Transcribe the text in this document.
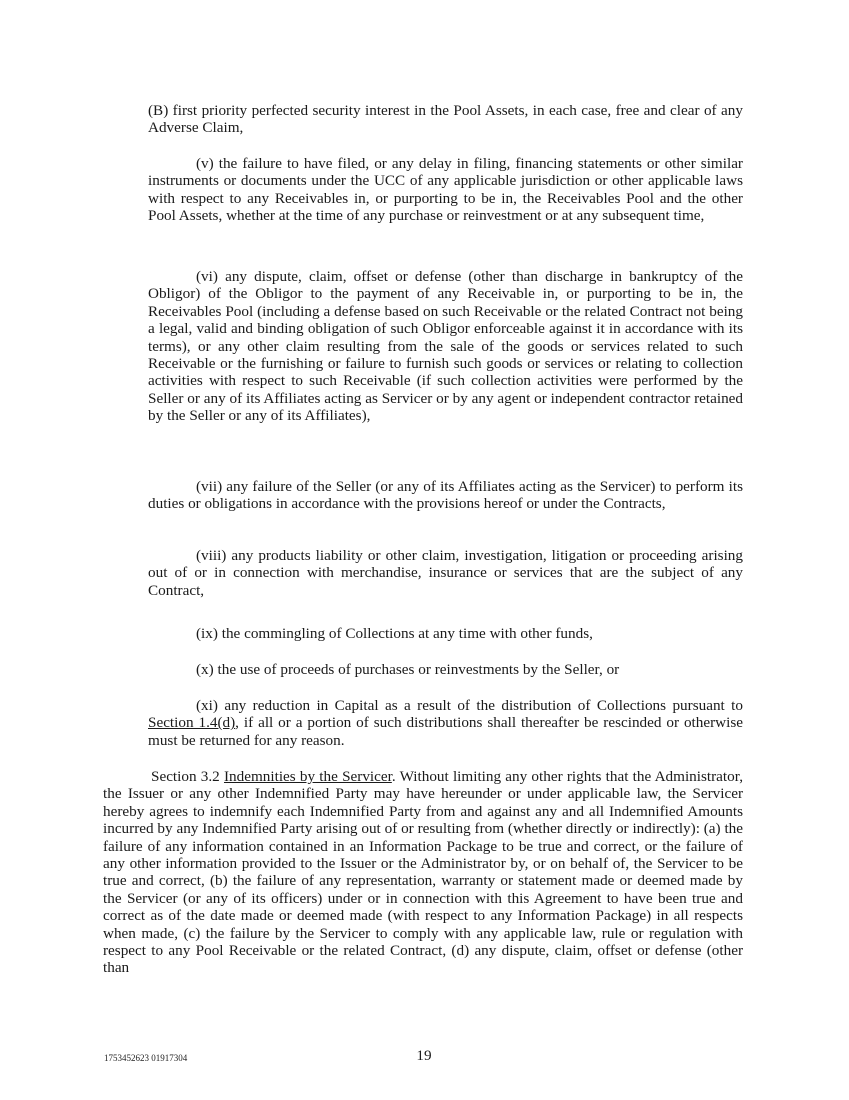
(B) first priority perfected security interest in the Pool Assets, in each case, free and clear of any Adverse Claim,

(v) the failure to have filed, or any delay in filing, financing statements or other similar instruments or documents under the UCC of any applicable jurisdiction or other applicable laws with respect to any Receivables in, or purporting to be in, the Receivables Pool and the other Pool Assets, whether at the time of any purchase or reinvestment or at any subsequent time,

(vi) any dispute, claim, offset or defense (other than discharge in bankruptcy of the Obligor) of the Obligor to the payment of any Receivable in, or purporting to be in, the Receivables Pool (including a defense based on such Receivable or the related Contract not being a legal, valid and binding obligation of such Obligor enforceable against it in accordance with its terms), or any other claim resulting from the sale of the goods or services related to such Receivable or the furnishing or failure to furnish such goods or services or relating to collection activities with respect to such Receivable (if such collection activities were performed by the Seller or any of its Affiliates acting as Servicer or by any agent or independent contractor retained by the Seller or any of its Affiliates),

(vii) any failure of the Seller (or any of its Affiliates acting as the Servicer) to perform its duties or obligations in accordance with the provisions hereof or under the Contracts,

(viii) any products liability or other claim, investigation, litigation or proceeding arising out of or in connection with merchandise, insurance or services that are the subject of any Contract,

(ix) the commingling of Collections at any time with other funds,

(x) the use of proceeds of purchases or reinvestments by the Seller, or

(xi) any reduction in Capital as a result of the distribution of Collections pursuant to Section 1.4(d), if all or a portion of such distributions shall thereafter be rescinded or otherwise must be returned for any reason.

Section 3.2 Indemnities by the Servicer. Without limiting any other rights that the Administrator, the Issuer or any other Indemnified Party may have hereunder or under applicable law, the Servicer hereby agrees to indemnify each Indemnified Party from and against any and all Indemnified Amounts incurred by any Indemnified Party arising out of or resulting from (whether directly or indirectly): (a) the failure of any information contained in an Information Package to be true and correct, or the failure of any other information provided to the Issuer or the Administrator by, or on behalf of, the Servicer to be true and correct, (b) the failure of any representation, warranty or statement made or deemed made by the Servicer (or any of its officers) under or in connection with this Agreement to have been true and correct as of the date made or deemed made (with respect to any Information Package) in all respects when made, (c) the failure by the Servicer to comply with any applicable law, rule or regulation with respect to any Pool Receivable or the related Contract, (d) any dispute, claim, offset or defense (other than

1753452623 01917304	19
